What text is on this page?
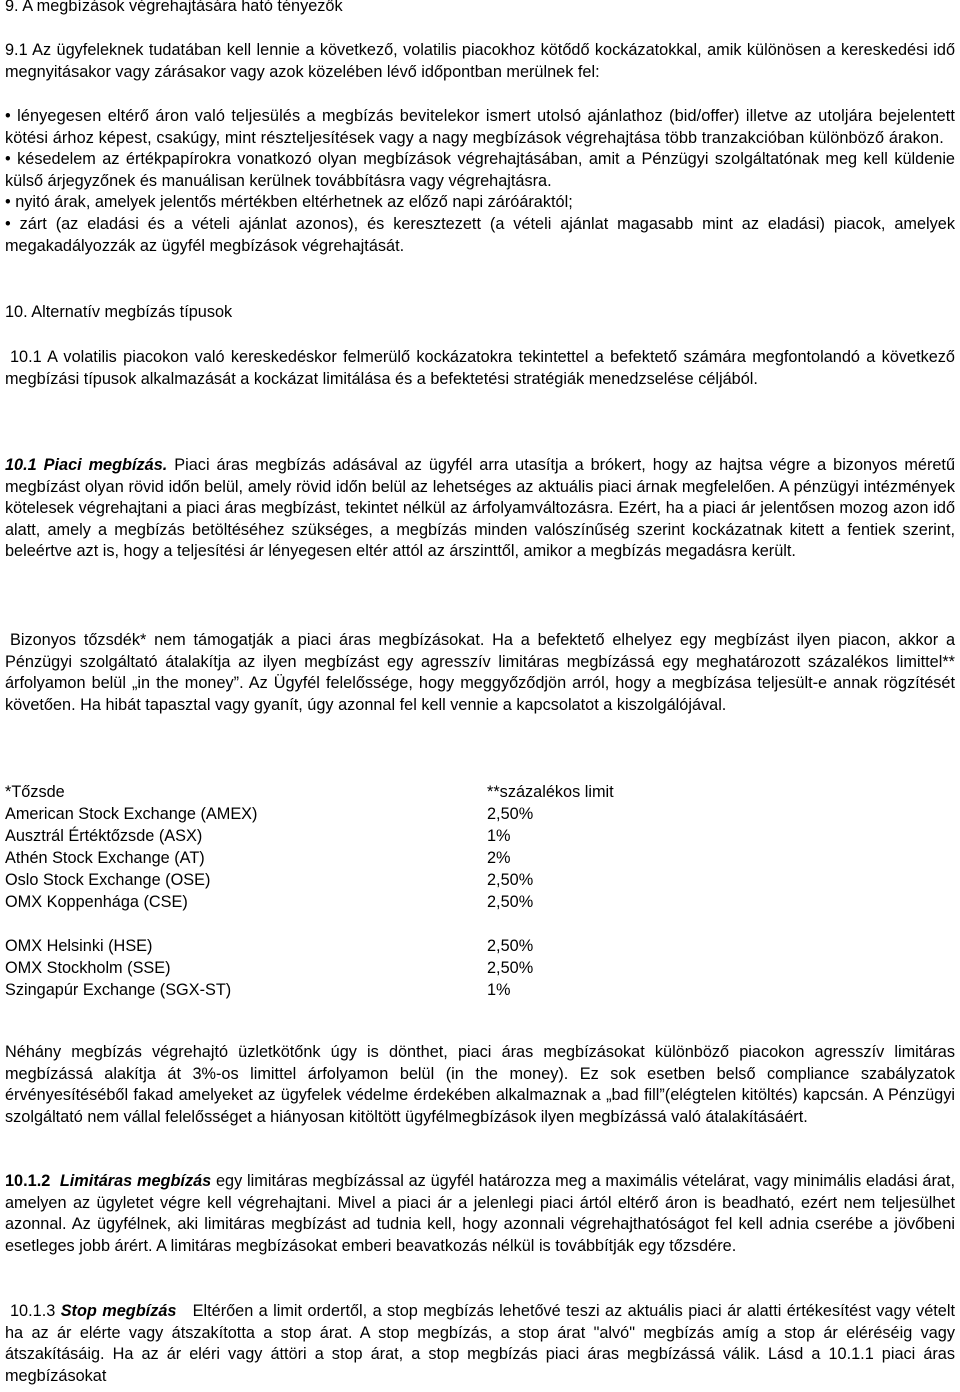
9. A megbízások végrehajtására ható tényezők

9.1 Az ügyfeleknek tudatában kell lennie a következő, volatilis piacokhoz kötődő kockázatokkal, amik különösen a kereskedési idő megnyitásakor vagy zárásakor vagy azok közelében lévő időpontban merülnek fel:

• lényegesen eltérő áron való teljesülés a megbízás bevitelekor ismert utolsó ajánlathoz (bid/offer) illetve az utoljára bejelentett kötési árhoz képest, csakúgy, mint részteljesítések vagy a nagy megbízások végrehajtása több tranzakcióban különböző árakon.

• késedelem az értékpapírokra vonatkozó olyan megbízások végrehajtásában, amit a Pénzügyi szolgáltatónak meg kell küldenie külső árjegyzőnek és manuálisan kerülnek továbbításra vagy végrehajtásra.

• nyitó árak, amelyek jelentős mértékben eltérhetnek az előző napi záróáraktól;

• zárt (az eladási és a vételi ajánlat azonos), és keresztezett (a vételi ajánlat magasabb mint az eladási) piacok, amelyek megakadályozzák az ügyfél megbízások végrehajtását.

10. Alternatív megbízás típusok

10.1 A volatilis piacokon való kereskedéskor felmerülő kockázatokra tekintettel a befektető számára megfontolandó a következő megbízási típusok alkalmazását a kockázat limitálása és a befektetési stratégiák menedzselése céljából.

10.1 Piaci megbízás. Piaci áras megbízás adásával az ügyfél arra utasítja a brókert, hogy az hajtsa végre a bizonyos méretű megbízást olyan rövid időn belül, amely rövid időn belül az lehetséges az aktuális piaci árnak megfelelően. A pénzügyi intézmények kötelesek végrehajtani a piaci áras megbízást, tekintet nélkül az árfolyamváltozásra. Ezért, ha a piaci ár jelentősen mozog azon idő alatt, amely a megbízás betöltéséhez szükséges, a megbízás minden valószínűség szerint kockázatnak kitett a fentiek szerint, beleértve azt is, hogy a teljesítési ár lényegesen eltér attól az árszinttől, amikor a megbízás megadásra került.

Bizonyos tőzsdék* nem támogatják a piaci áras megbízásokat. Ha a befektető elhelyez egy megbízást ilyen piacon, akkor a Pénzügyi szolgáltató átalakítja az ilyen megbízást egy agresszív limitáras megbízássá egy meghatározott százalékos limittel** árfolyamon belül „in the money”. Az Ügyfél felelőssége, hogy meggyőződjön arról, hogy a megbízása teljesült-e annak rögzítését követően. Ha hibát tapasztal vagy gyanít, úgy azonnal fel kell vennie a kapcsolatot a kiszolgálójával.

*Tőzsde	**százalékos limit
American Stock Exchange (AMEX)	2,50%
Ausztrál Értéktőzsde (ASX)	1%
Athén Stock Exchange (AT)	2%
Oslo Stock Exchange (OSE)	2,50%
OMX Koppenhága (CSE)	2,50%
OMX Helsinki (HSE)	2,50%
OMX Stockholm (SSE)	2,50%
Szingapúr Exchange (SGX-ST)	1%

Néhány megbízás végrehajtó üzletkötőnk úgy is dönthet, piaci áras megbízásokat különböző piacokon agresszív limitáras megbízássá alakítja át 3%-os limittel árfolyamon belül (in the money). Ez sok esetben belső compliance szabályzatok érvényesítéséből fakad amelyeket az ügyfelek védelme érdekében alkalmaznak a „bad fill”(elégtelen kitöltés) kapcsán. A Pénzügyi szolgáltató nem vállal felelősséget a hiányosan kitöltött ügyfélmegbízások ilyen megbízássá való átalakításáért.

10.1.2 Limitáras megbízás egy limitáras megbízással az ügyfél határozza meg a maximális vételárat, vagy minimális eladási árat, amelyen az ügyletet végre kell végrehajtani. Mivel a piaci ár a jelenlegi piaci ártól eltérő áron is beadható, ezért nem teljesülhet azonnal. Az ügyfélnek, aki limitáras megbízást ad tudnia kell, hogy azonnali végrehajthatóságot fel kell adnia cserébe a jövőbeni esetleges jobb árért. A limitáras megbízásokat emberi beavatkozás nélkül is továbbítják egy tőzsdére.

10.1.3 Stop megbízás Eltérően a limit ordertől, a stop megbízás lehetővé teszi az aktuális piaci ár alatti értékesítést vagy vételt ha az ár elérte vagy átszakította a stop árat. A stop megbízás, a stop árat "alvó" megbízás amíg a stop ár eléréséig vagy átszakításáig. Ha az ár eléri vagy áttöri a stop árat, a stop megbízás piaci áras megbízássá válik. Lásd a 10.1.1 piaci áras megbízásokat
